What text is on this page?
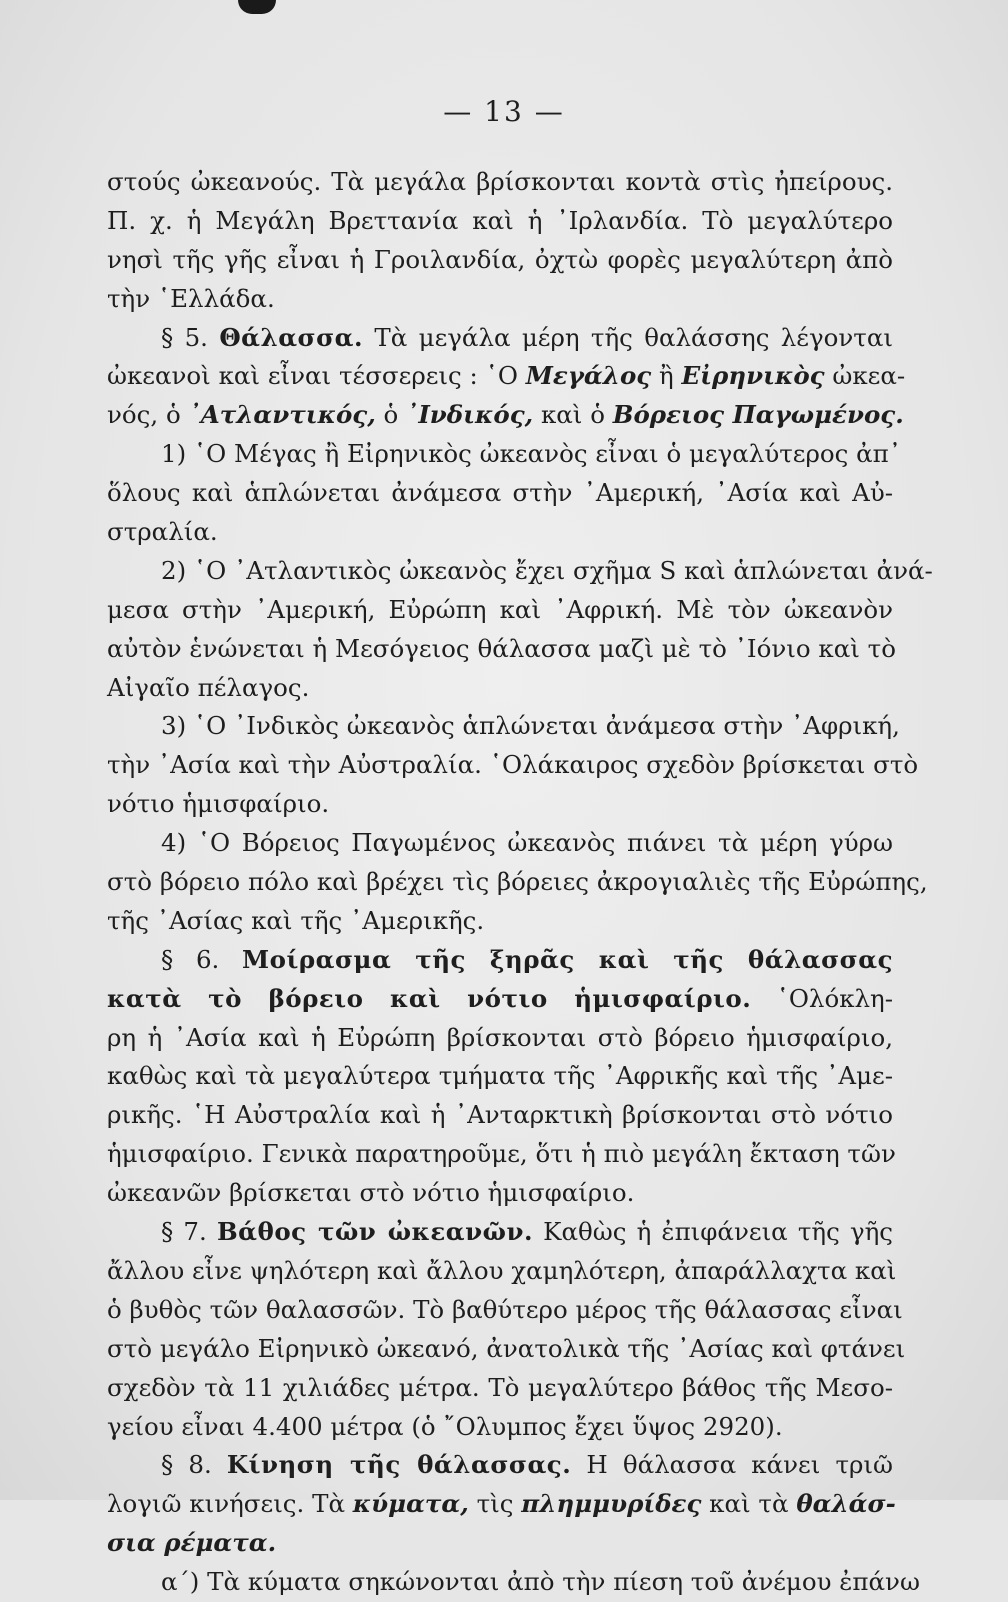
— 13 —
στούς ὠκεανούς. Τὰ μεγάλα βρίσκονται κοντὰ στὶς ἠπείρους.
Π. χ. ἡ Μεγάλη Βρεττανία καὶ ἡ ᾿Ιρλανδία. Τὸ μεγαλύτερο
νησὶ τῆς γῆς εἶναι ἡ Γροιλανδία, ὀχτὼ φορὲς μεγαλύτερη ἀπὸ
τὴν ῾Ελλάδα.
§ 5. Θάλασσα. Τὰ μεγάλα μέρη τῆς θαλάσσης λέγονται
ὠκεανοὶ καὶ εἶναι τέσσερεις : ῾Ο Μεγάλος ἢ Εἰρηνικὸς ὠκεα-
νός, ὁ ᾿Ατλαντικός, ὁ ᾿Ινδικός, καὶ ὁ Βόρειος Παγωμένος.
1) ῾Ο Μέγας ἢ Εἰρηνικὸς ὠκεανὸς εἶναι ὁ μεγαλύτερος ἀπ᾿
ὅλους καὶ ἁπλώνεται ἀνάμεσα στὴν ᾿Αμερική, ᾿Ασία καὶ Αὐ-
στραλία.
2) ῾Ο ᾿Ατλαντικὸς ὠκεανὸς ἔχει σχῆμα S καὶ ἁπλώνεται ἀνά-
μεσα στὴν ᾿Αμερική, Εὐρώπη καὶ ᾿Αφρική. Μὲ τὸν ὠκεανὸν
αὐτὸν ἑνώνεται ἡ Μεσόγειος θάλασσα μαζὶ μὲ τὸ ᾿Ιόνιο καὶ τὸ
Αἰγαῖο πέλαγος.
3) ῾Ο ᾿Ινδικὸς ὠκεανὸς ἁπλώνεται ἀνάμεσα στὴν ᾿Αφρική,
τὴν ᾿Ασία καὶ τὴν Αὐστραλία. ῾Ολάκαιρος σχεδὸν βρίσκεται στὸ
νότιο ἡμισφαίριο.
4) ῾Ο Βόρειος Παγωμένος ὠκεανὸς πιάνει τὰ μέρη γύρω
στὸ βόρειο πόλο καὶ βρέχει τὶς βόρειες ἀκρογιαλιὲς τῆς Εὐρώπης,
τῆς ᾿Ασίας καὶ τῆς ᾿Αμερικῆς.
§ 6. Μοίρασμα τῆς ξηρᾶς καὶ τῆς θάλασσας
κατὰ τὸ βόρειο καὶ νότιο ἡμισφαίριο. ῾Ολόκλη-
ρη ἡ ᾿Ασία καὶ ἡ Εὐρώπη βρίσκονται στὸ βόρειο ἡμισφαίριο,
καθὼς καὶ τὰ μεγαλύτερα τμήματα τῆς ᾿Αφρικῆς καὶ τῆς ᾿Αμε-
ρικῆς. ῾Η Αὐστραλία καὶ ἡ ᾿Ανταρκτικὴ βρίσκονται στὸ νότιο
ἡμισφαίριο. Γενικὰ παρατηροῦμε, ὅτι ἡ πιὸ μεγάλη ἔκταση τῶν
ὠκεανῶν βρίσκεται στὸ νότιο ἡμισφαίριο.
§ 7. Βάθος τῶν ὠκεανῶν. Καθὼς ἡ ἐπιφάνεια τῆς γῆς
ἄλλου εἶνε ψηλότερη καὶ ἄλλου χαμηλότερη, ἀπαράλλαχτα καὶ
ὁ βυθὸς τῶν θαλασσῶν. Τὸ βαθύτερο μέρος τῆς θάλασσας εἶναι
στὸ μεγάλο Εἰρηνικὸ ὠκεανό, ἀνατολικὰ τῆς ᾿Ασίας καὶ φτάνει
σχεδὸν τὰ 11 χιλιάδες μέτρα. Τὸ μεγαλύτερο βάθος τῆς Μεσο-
γείου εἶναι 4.400 μέτρα (ὁ ῎Ολυμπος ἔχει ὕψος 2920).
§ 8. Κίνηση τῆς θάλασσας. Η θάλασσα κάνει τριῶ
λογιῶ κινήσεις. Τὰ κύματα, τὶς πλημμυρίδες καὶ τὰ θαλάσ-
σια ρέματα.
α΄) Τὰ κύματα σηκώνονται ἀπὸ τὴν πίεση τοῦ ἀνέμου ἐπάνω
